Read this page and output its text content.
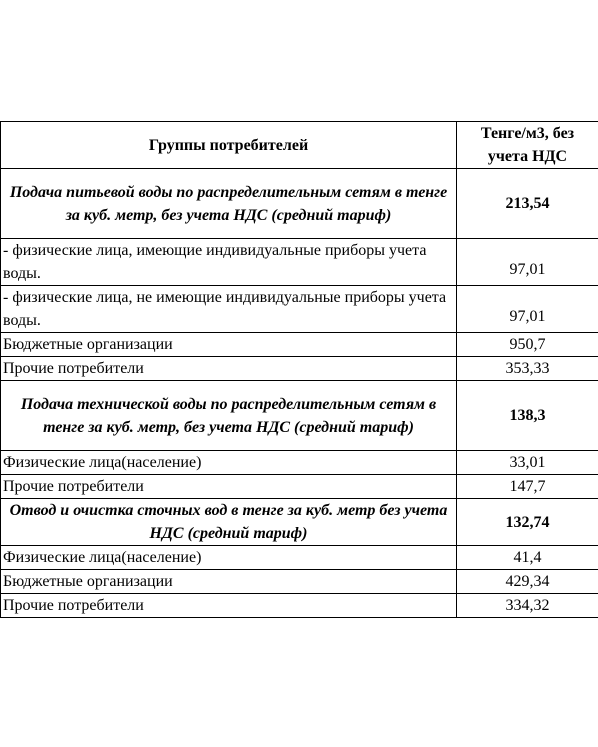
Группы потребителей	Тенге/м3, без учета НДС
Подача питьевой воды по распределительным сетям в тенге за куб. метр, без учета НДС (средний тариф)	213,54
- физические лица, имеющие индивидуальные приборы учета воды.	97,01
- физические лица, не имеющие индивидуальные приборы учета воды.	97,01
Бюджетные организации	950,7
Прочие потребители	353,33
Подача технической воды по распределительным сетям в тенге за куб. метр, без учета НДС (средний тариф)	138,3
Физические лица(население)	33,01
Прочие потребители	147,7
Отвод и очистка сточных вод в тенге за куб. метр без учета НДС (средний тариф)	132,74
Физические лица(население)	41,4
Бюджетные организации	429,34
Прочие потребители	334,32
